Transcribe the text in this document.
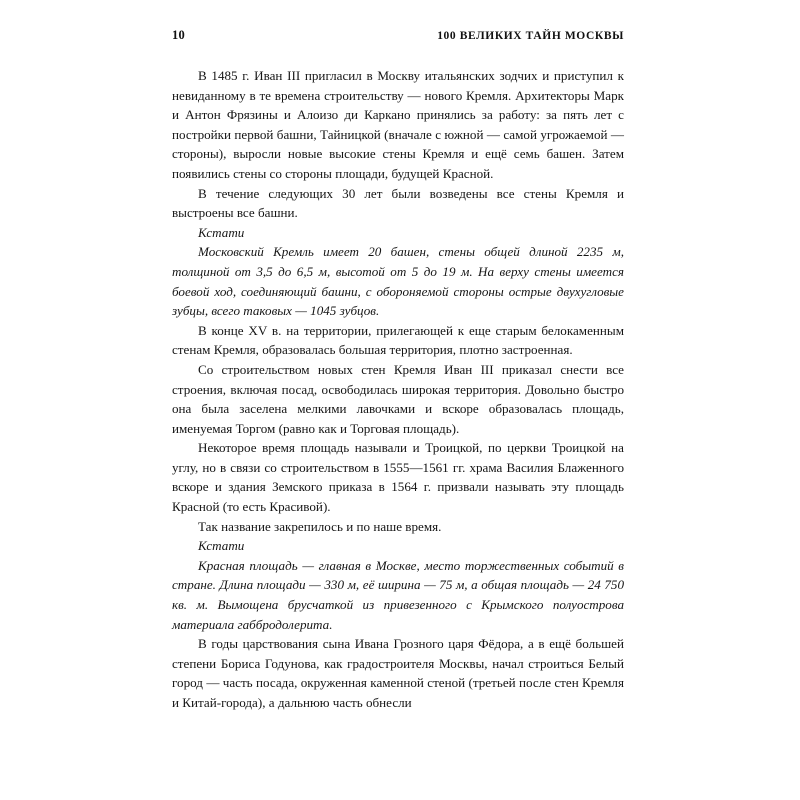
10	100 ВЕЛИКИХ ТАЙН МОСКВЫ

В 1485 г. Иван III пригласил в Москву итальянских зодчих и приступил к невиданному в те времена строительству — нового Кремля. Архитекторы Марк и Антон Фрязины и Алоизо ди Каркано принялись за работу: за пять лет с постройки первой башни, Тайницкой (вначале с южной — самой угрожаемой — стороны), выросли новые высокие стены Кремля и ещё семь башен. Затем появились стены со стороны площади, будущей Красной.

В течение следующих 30 лет были возведены все стены Кремля и выстроены все башни.

Кстати

Московский Кремль имеет 20 башен, стены общей длиной 2235 м, толщиной от 3,5 до 6,5 м, высотой от 5 до 19 м. На верху стены имеется боевой ход, соединяющий башни, с обороняемой стороны острые двухугловые зубцы, всего таковых — 1045 зубцов.

В конце XV в. на территории, прилегающей к еще старым белокаменным стенам Кремля, образовалась большая территория, плотно застроенная.

Со строительством новых стен Кремля Иван III приказал снести все строения, включая посад, освободилась широкая территория. Довольно быстро она была заселена мелкими лавочками и вскоре образовалась площадь, именуемая Торгом (равно как и Торговая площадь).

Некоторое время площадь называли и Троицкой, по церкви Троицкой на углу, но в связи со строительством в 1555—1561 гг. храма Василия Блаженного вскоре и здания Земского приказа в 1564 г. призвали называть эту площадь Красной (то есть Красивой).

Так название закрепилось и по наше время.

Кстати

Красная площадь — главная в Москве, место торжественных событий в стране. Длина площади — 330 м, её ширина — 75 м, а общая площадь — 24 750 кв. м. Вымощена брусчаткой из привезенного с Крымского полуострова материала габбродолерита.

В годы царствования сына Ивана Грозного царя Фёдора, а в ещё большей степени Бориса Годунова, как градостроителя Москвы, начал строиться Белый город — часть посада, окруженная каменной стеной (третьей после стен Кремля и Китай-города), а дальнюю часть обнесли
